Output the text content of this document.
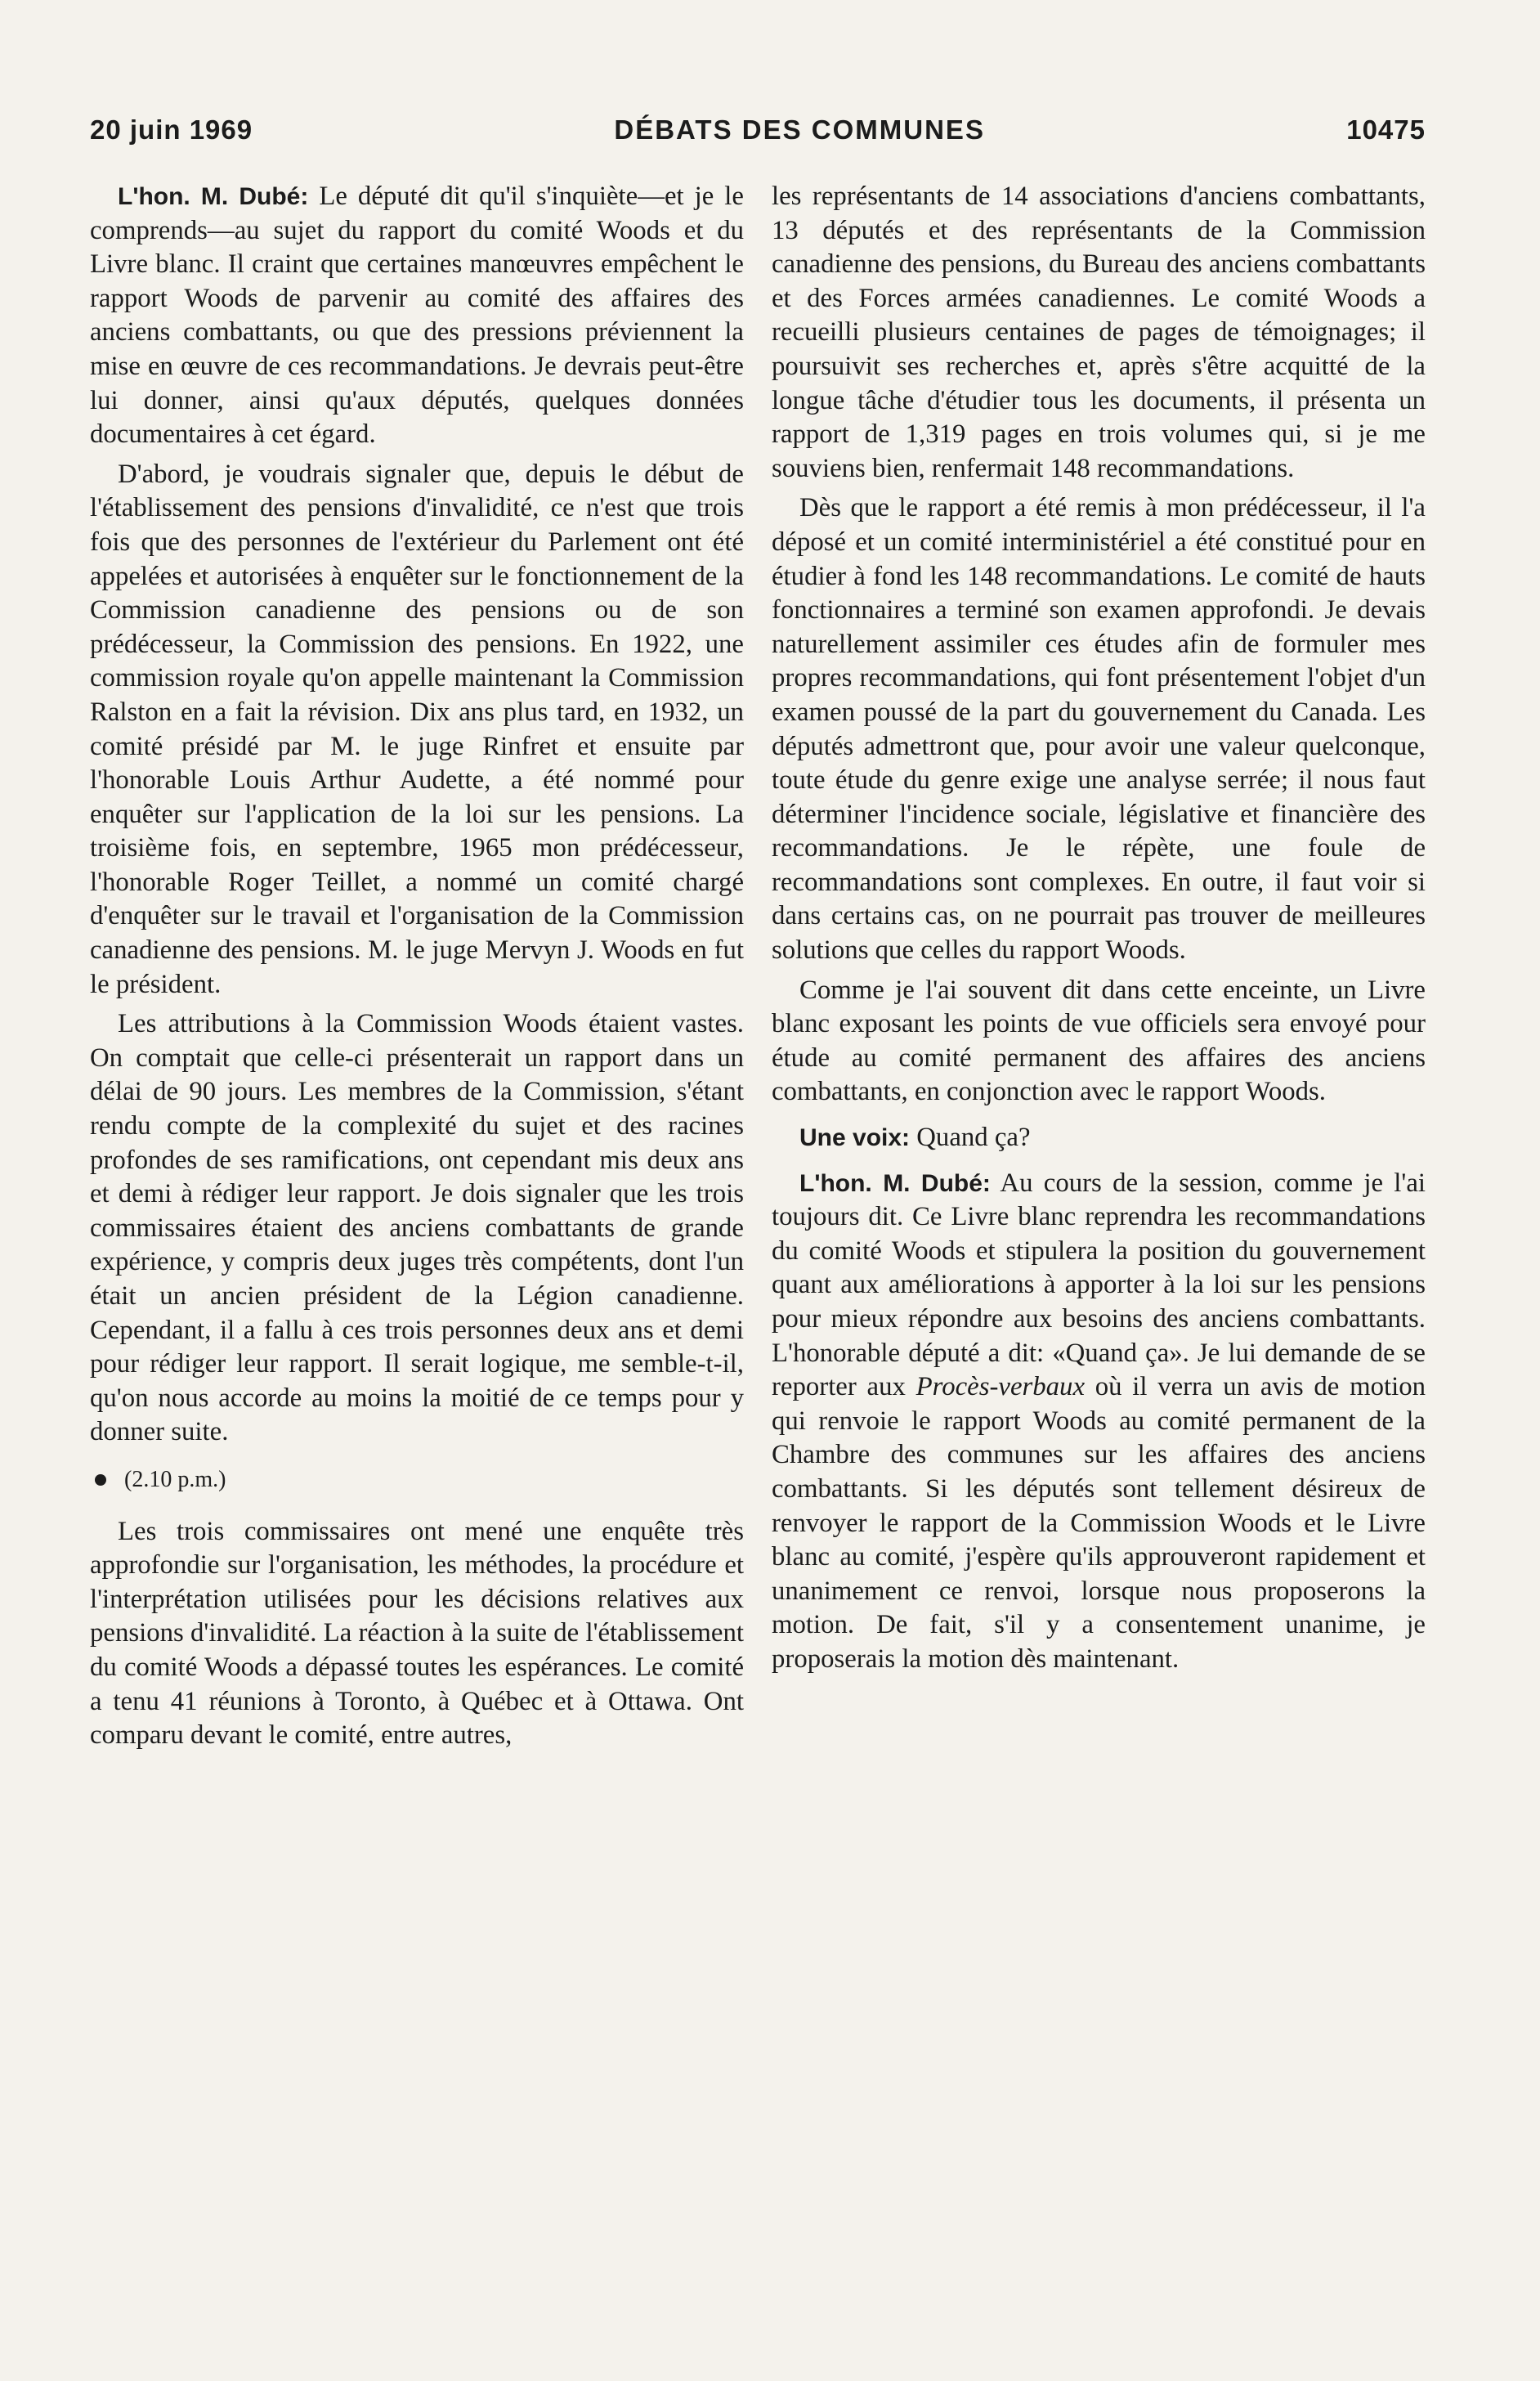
20 juin 1969	DÉBATS DES COMMUNES	10475

L'hon. M. Dubé: Le député dit qu'il s'inquiète—et je le comprends—au sujet du rapport du comité Woods et du Livre blanc. Il craint que certaines manœuvres empêchent le rapport Woods de parvenir au comité des affaires des anciens combattants, ou que des pressions préviennent la mise en œuvre de ces recommandations. Je devrais peut-être lui donner, ainsi qu'aux députés, quelques données documentaires à cet égard.

D'abord, je voudrais signaler que, depuis le début de l'établissement des pensions d'invalidité, ce n'est que trois fois que des personnes de l'extérieur du Parlement ont été appelées et autorisées à enquêter sur le fonctionnement de la Commission canadienne des pensions ou de son prédécesseur, la Commission des pensions. En 1922, une commission royale qu'on appelle maintenant la Commission Ralston en a fait la révision. Dix ans plus tard, en 1932, un comité présidé par M. le juge Rinfret et ensuite par l'honorable Louis Arthur Audette, a été nommé pour enquêter sur l'application de la loi sur les pensions. La troisième fois, en septembre, 1965 mon prédécesseur, l'honorable Roger Teillet, a nommé un comité chargé d'enquêter sur le travail et l'organisation de la Commission canadienne des pensions. M. le juge Mervyn J. Woods en fut le président.

Les attributions à la Commission Woods étaient vastes. On comptait que celle-ci présenterait un rapport dans un délai de 90 jours. Les membres de la Commission, s'étant rendu compte de la complexité du sujet et des racines profondes de ses ramifications, ont cependant mis deux ans et demi à rédiger leur rapport. Je dois signaler que les trois commissaires étaient des anciens combattants de grande expérience, y compris deux juges très compétents, dont l'un était un ancien président de la Légion canadienne. Cependant, il a fallu à ces trois personnes deux ans et demi pour rédiger leur rapport. Il serait logique, me semble-t-il, qu'on nous accorde au moins la moitié de ce temps pour y donner suite.

(2.10 p.m.)

Les trois commissaires ont mené une enquête très approfondie sur l'organisation, les méthodes, la procédure et l'interprétation utilisées pour les décisions relatives aux pensions d'invalidité. La réaction à la suite de l'établissement du comité Woods a dépassé toutes les espérances. Le comité a tenu 41 réunions à Toronto, à Québec et à Ottawa. Ont comparu devant le comité, entre autres,

les représentants de 14 associations d'anciens combattants, 13 députés et des représentants de la Commission canadienne des pensions, du Bureau des anciens combattants et des Forces armées canadiennes. Le comité Woods a recueilli plusieurs centaines de pages de témoignages; il poursuivit ses recherches et, après s'être acquitté de la longue tâche d'étudier tous les documents, il présenta un rapport de 1,319 pages en trois volumes qui, si je me souviens bien, renfermait 148 recommandations.

Dès que le rapport a été remis à mon prédécesseur, il l'a déposé et un comité interministériel a été constitué pour en étudier à fond les 148 recommandations. Le comité de hauts fonctionnaires a terminé son examen approfondi. Je devais naturellement assimiler ces études afin de formuler mes propres recommandations, qui font présentement l'objet d'un examen poussé de la part du gouvernement du Canada. Les députés admettront que, pour avoir une valeur quelconque, toute étude du genre exige une analyse serrée; il nous faut déterminer l'incidence sociale, législative et financière des recommandations. Je le répète, une foule de recommandations sont complexes. En outre, il faut voir si dans certains cas, on ne pourrait pas trouver de meilleures solutions que celles du rapport Woods.

Comme je l'ai souvent dit dans cette enceinte, un Livre blanc exposant les points de vue officiels sera envoyé pour étude au comité permanent des affaires des anciens combattants, en conjonction avec le rapport Woods.

Une voix: Quand ça?

L'hon. M. Dubé: Au cours de la session, comme je l'ai toujours dit. Ce Livre blanc reprendra les recommandations du comité Woods et stipulera la position du gouvernement quant aux améliorations à apporter à la loi sur les pensions pour mieux répondre aux besoins des anciens combattants. L'honorable député a dit: «Quand ça». Je lui demande de se reporter aux Procès-verbaux où il verra un avis de motion qui renvoie le rapport Woods au comité permanent de la Chambre des communes sur les affaires des anciens combattants. Si les députés sont tellement désireux de renvoyer le rapport de la Commission Woods et le Livre blanc au comité, j'espère qu'ils approuveront rapidement et unanimement ce renvoi, lorsque nous proposerons la motion. De fait, s'il y a consentement unanime, je proposerais la motion dès maintenant.
